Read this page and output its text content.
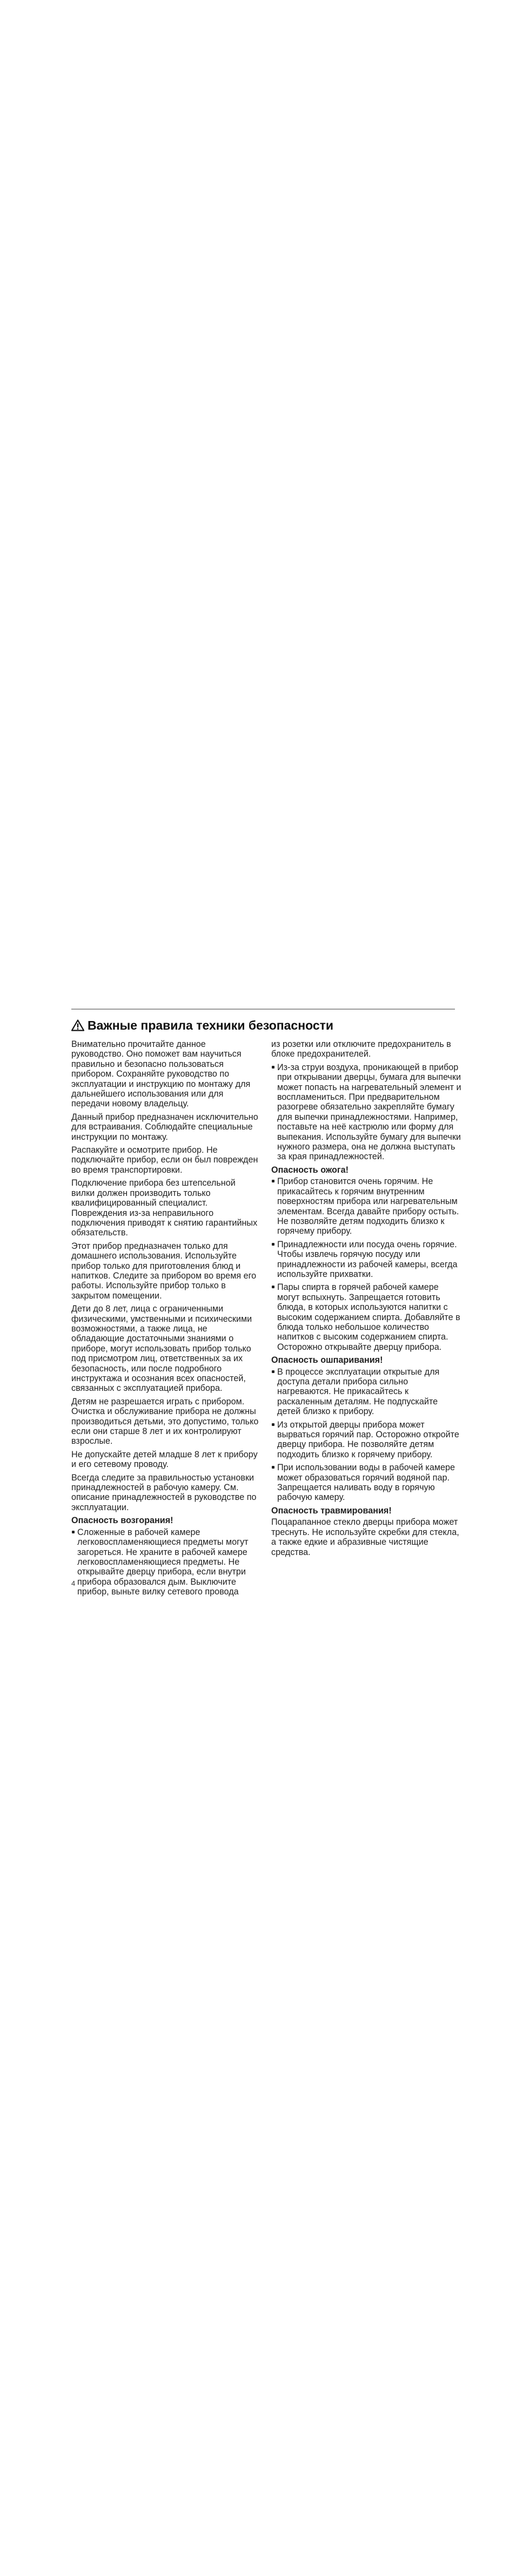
Важные правила техники безопасности

Внимательно прочитайте данное руководство. Оно поможет вам научиться правильно и безопасно пользоваться прибором. Сохраняйте руководство по эксплуатации и инструкцию по монтажу для дальнейшего использования или для передачи новому владельцу.

Данный прибор предназначен исключительно для встраивания. Соблюдайте специальные инструкции по монтажу.

Распакуйте и осмотрите прибор. Не подключайте прибор, если он был поврежден во время транспортировки.

Подключение прибора без штепсельной вилки должен производить только квалифицированный специалист. Повреждения из-за неправильного подключения приводят к снятию гарантийных обязательств.

Этот прибор предназначен только для домашнего использования. Используйте прибор только для приготовления блюд и напитков. Следите за прибором во время его работы. Используйте прибор только в закрытом помещении.

Дети до 8 лет, лица с ограниченными физическими, умственными и психическими возможностями, а также лица, не обладающие достаточными знаниями о приборе, могут использовать прибор только под присмотром лиц, ответственных за их безопасность, или после подробного инструктажа и осознания всех опасностей, связанных с эксплуатацией прибора.

Детям не разрешается играть с прибором. Очистка и обслуживание прибора не должны производиться детьми, это допустимо, только если они старше 8 лет и их контролируют взрослые.

Не допускайте детей младше 8 лет к прибору и его сетевому проводу.

Всегда следите за правильностью установки принадлежностей в рабочую камеру. См. описание принадлежностей в руководстве по эксплуатации.

Опасность возгорания!
Сложенные в рабочей камере легковоспламеняющиеся предметы могут загореться. Не храните в рабочей камере легковоспламеняющиеся предметы. Не открывайте дверцу прибора, если внутри прибора образовался дым. Выключите прибор, выньте вилку сетевого провода

из розетки или отключите предохранитель в блоке предохранителей.

Из-за струи воздуха, проникающей в прибор при открывании дверцы, бумага для выпечки может попасть на нагревательный элемент и воспламениться. При предварительном разогреве обязательно закрепляйте бумагу для выпечки принадлежностями. Например, поставьте на неё кастрюлю или форму для выпекания. Используйте бумагу для выпечки нужного размера, она не должна выступать за края принадлежностей.
Опасность ожога!
Прибор становится очень горячим. Не прикасайтесь к горячим внутренним поверхностям прибора или нагревательным элементам. Всегда давайте прибору остыть. Не позволяйте детям подходить близко к горячему прибору.
Принадлежности или посуда очень горячие. Чтобы извлечь горячую посуду или принадлежности из рабочей камеры, всегда используйте прихватки.
Пары спирта в горячей рабочей камере могут вспыхнуть. Запрещается готовить блюда, в которых используются напитки с высоким содержанием спирта. Добавляйте в блюда только небольшое количество напитков с высоким содержанием спирта. Осторожно открывайте дверцу прибора.
Опасность ошпаривания!
В процессе эксплуатации открытые для доступа детали прибора сильно нагреваются. Не прикасайтесь к раскаленным деталям. Не подпускайте детей близко к прибору.
Из открытой дверцы прибора может вырваться горячий пар. Осторожно откройте дверцу прибора. Не позволяйте детям подходить близко к горячему прибору.
При использовании воды в рабочей камере может образоваться горячий водяной пар. Запрещается наливать воду в горячую рабочую камеру.
Опасность травмирования!

Поцарапанное стекло дверцы прибора может треснуть. Не используйте скребки для стекла, а также едкие и абразивные чистящие средства.

4
